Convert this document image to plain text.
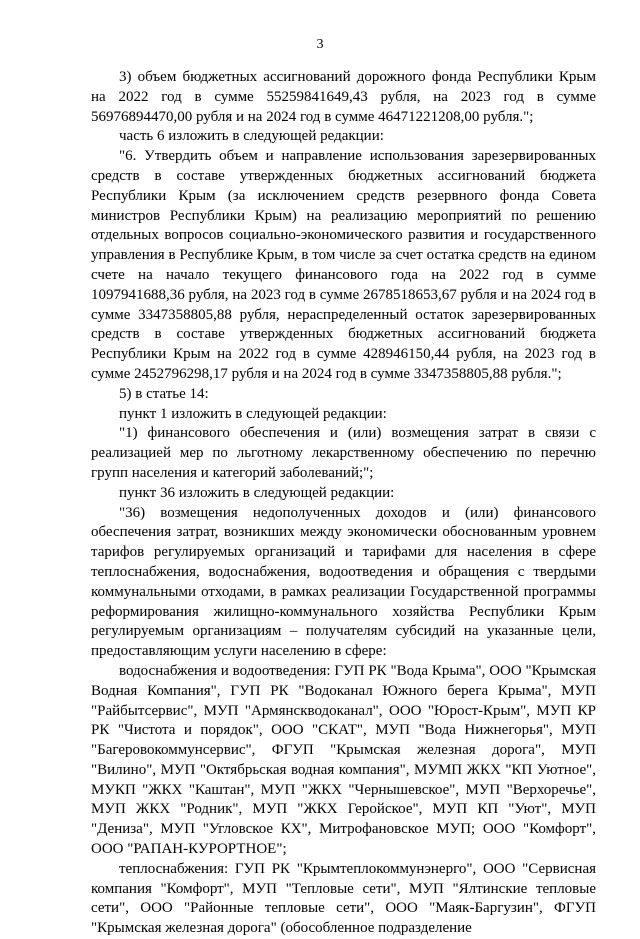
3

3) объем бюджетных ассигнований дорожного фонда Республики Крым на 2022 год в сумме 55259841649,43 рубля, на 2023 год в сумме 56976894470,00 рубля и на 2024 год в сумме 46471221208,00 рубля.";

часть 6 изложить в следующей редакции:

"6. Утвердить объем и направление использования зарезервированных средств в составе утвержденных бюджетных ассигнований бюджета Республики Крым (за исключением средств резервного фонда Совета министров Республики Крым) на реализацию мероприятий по решению отдельных вопросов социально-экономического развития и государственного управления в Республике Крым, в том числе за счет остатка средств на едином счете на начало текущего финансового года на 2022 год в сумме 1097941688,36 рубля, на 2023 год в сумме 2678518653,67 рубля и на 2024 год в сумме 3347358805,88 рубля, нераспределенный остаток зарезервированных средств в составе утвержденных бюджетных ассигнований бюджета Республики Крым на 2022 год в сумме 428946150,44 рубля, на 2023 год в сумме 2452796298,17 рубля и на 2024 год в сумме 3347358805,88 рубля.";

5) в статье 14:

пункт 1 изложить в следующей редакции:

"1) финансового обеспечения и (или) возмещения затрат в связи с реализацией мер по льготному лекарственному обеспечению по перечню групп населения и категорий заболеваний;";

пункт 36 изложить в следующей редакции:

"36) возмещения недополученных доходов и (или) финансового обеспечения затрат, возникших между экономически обоснованным уровнем тарифов регулируемых организаций и тарифами для населения в сфере теплоснабжения, водоснабжения, водоотведения и обращения с твердыми коммунальными отходами, в рамках реализации Государственной программы реформирования жилищно-коммунального хозяйства Республики Крым регулируемым организациям – получателям субсидий на указанные цели, предоставляющим услуги населению в сфере:

водоснабжения и водоотведения: ГУП РК "Вода Крыма", ООО "Крымская Водная Компания", ГУП РК "Водоканал Южного берега Крыма", МУП "Райбытсервис", МУП "Армянскводоканал", ООО "Юрост-Крым", МУП КР РК "Чистота и порядок", ООО "СКАТ", МУП "Вода Нижнегорья", МУП "Багеровокоммунсервис", ФГУП "Крымская железная дорога", МУП "Вилино", МУП "Октябрьская водная компания", МУМП ЖКХ "КП Уютное", МУКП "ЖКХ "Каштан", МУП "ЖКХ "Чернышевское", МУП "Верхоречье", МУП ЖКХ "Родник", МУП "ЖКХ Геройское", МУП КП "Уют", МУП "Дениза", МУП "Угловское КХ", Митрофановское МУП; ООО "Комфорт", ООО "РАПАН-КУРОРТНОЕ";

теплоснабжения: ГУП РК "Крымтеплокоммунэнерго", ООО "Сервисная компания "Комфорт", МУП "Тепловые сети", МУП "Ялтинские тепловые сети", ООО "Районные тепловые сети", ООО "Маяк-Баргузин", ФГУП "Крымская железная дорога" (обособленное подразделение
